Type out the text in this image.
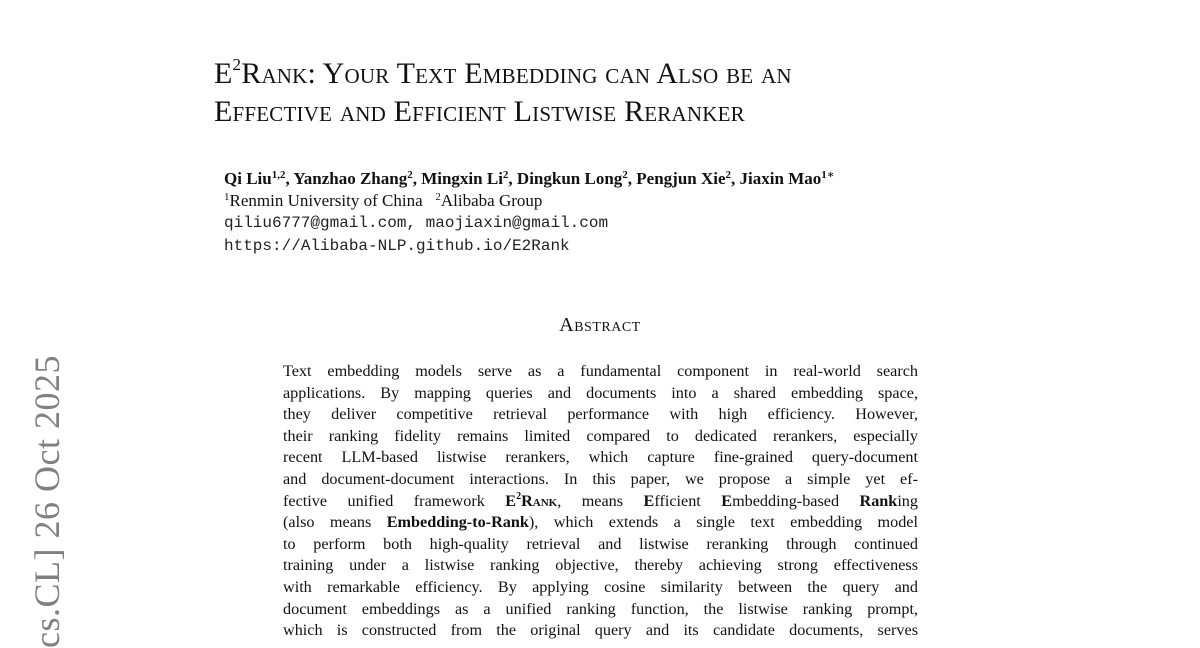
cs.CL] 26 Oct 2025
$E^2Rank$: Your Text Embedding can Also be an
Effective and Efficient Listwise Reranker
Qi Liu$^{1,2}$, Yanzhao Zhang$^2$, Mingxin Li$^2$, Dingkun Long$^2$, Pengjun Xie$^2$, Jiaxin Mao$^{1∗}$
$^1$Renmin University of China $^2$Alibaba Group
qiliu6777@gmail.com, maojiaxin@gmail.com
https://Alibaba-NLP.github.io/E2Rank
Abstract
Text embedding models serve as a fundamental component in real-world search
applications. By mapping queries and documents into a shared embedding space,
they deliver competitive retrieval performance with high efficiency. However,
their ranking fidelity remains limited compared to dedicated rerankers, especially
recent LLM-based listwise rerankers, which capture fine-grained query-document
and document-document interactions. In this paper, we propose a simple yet ef-
fective unified framework $E^2Rank$, means Efficient Embedding-based Ranking
(also means Embedding-to-Rank), which extends a single text embedding model
to perform both high-quality retrieval and listwise reranking through continued
training under a listwise ranking objective, thereby achieving strong effectiveness
with remarkable efficiency. By applying cosine similarity between the query and
document embeddings as a unified ranking function, the listwise ranking prompt,
which is constructed from the original query and its candidate documents, serves
